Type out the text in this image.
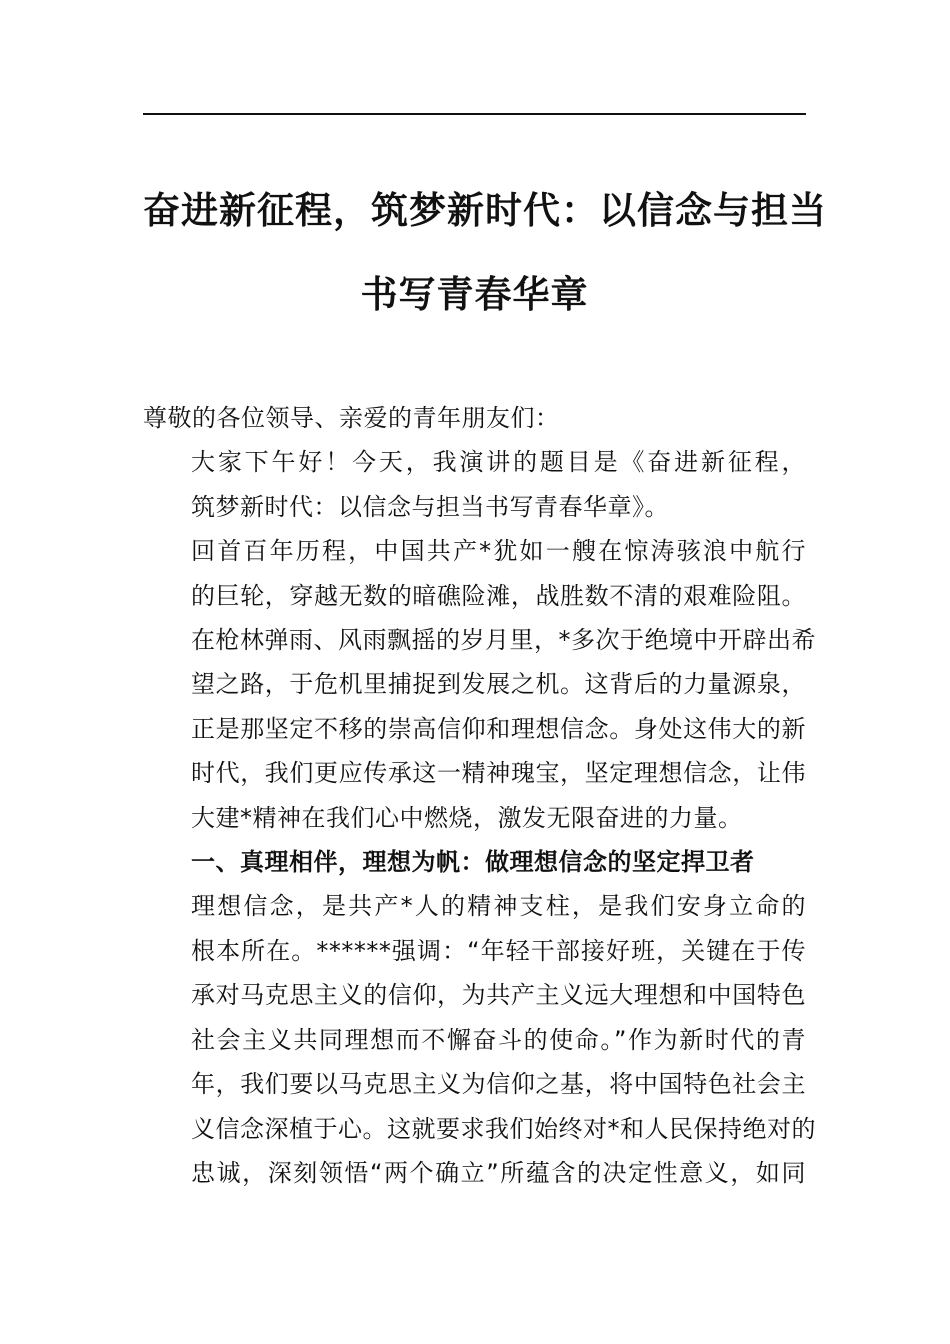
奋进新征程，筑梦新时代：以信念与担当
书写青春华章

尊敬的各位领导、亲爱的青年朋友们：

大家下午好！今天，我演讲的题目是《奋进新征程，
筑梦新时代：以信念与担当书写青春华章》。

回首百年历程，中国共产*犹如一艘在惊涛骇浪中航行
的巨轮，穿越无数的暗礁险滩，战胜数不清的艰难险阻。
在枪林弹雨、风雨飘摇的岁月里，*多次于绝境中开辟出希
望之路，于危机里捕捉到发展之机。这背后的力量源泉，
正是那坚定不移的崇高信仰和理想信念。身处这伟大的新
时代，我们更应传承这一精神瑰宝，坚定理想信念，让伟
大建*精神在我们心中燃烧，激发无限奋进的力量。

一、真理相伴，理想为帆：做理想信念的坚定捍卫者

理想信念，是共产*人的精神支柱，是我们安身立命的
根本所在。******强调：“年轻干部接好班，关键在于传
承对马克思主义的信仰，为共产主义远大理想和中国特色
社会主义共同理想而不懈奋斗的使命。”作为新时代的青
年，我们要以马克思主义为信仰之基，将中国特色社会主
义信念深植于心。这就要求我们始终对*和人民保持绝对的
忠诚，深刻领悟“两个确立”所蕴含的决定性意义，如同
